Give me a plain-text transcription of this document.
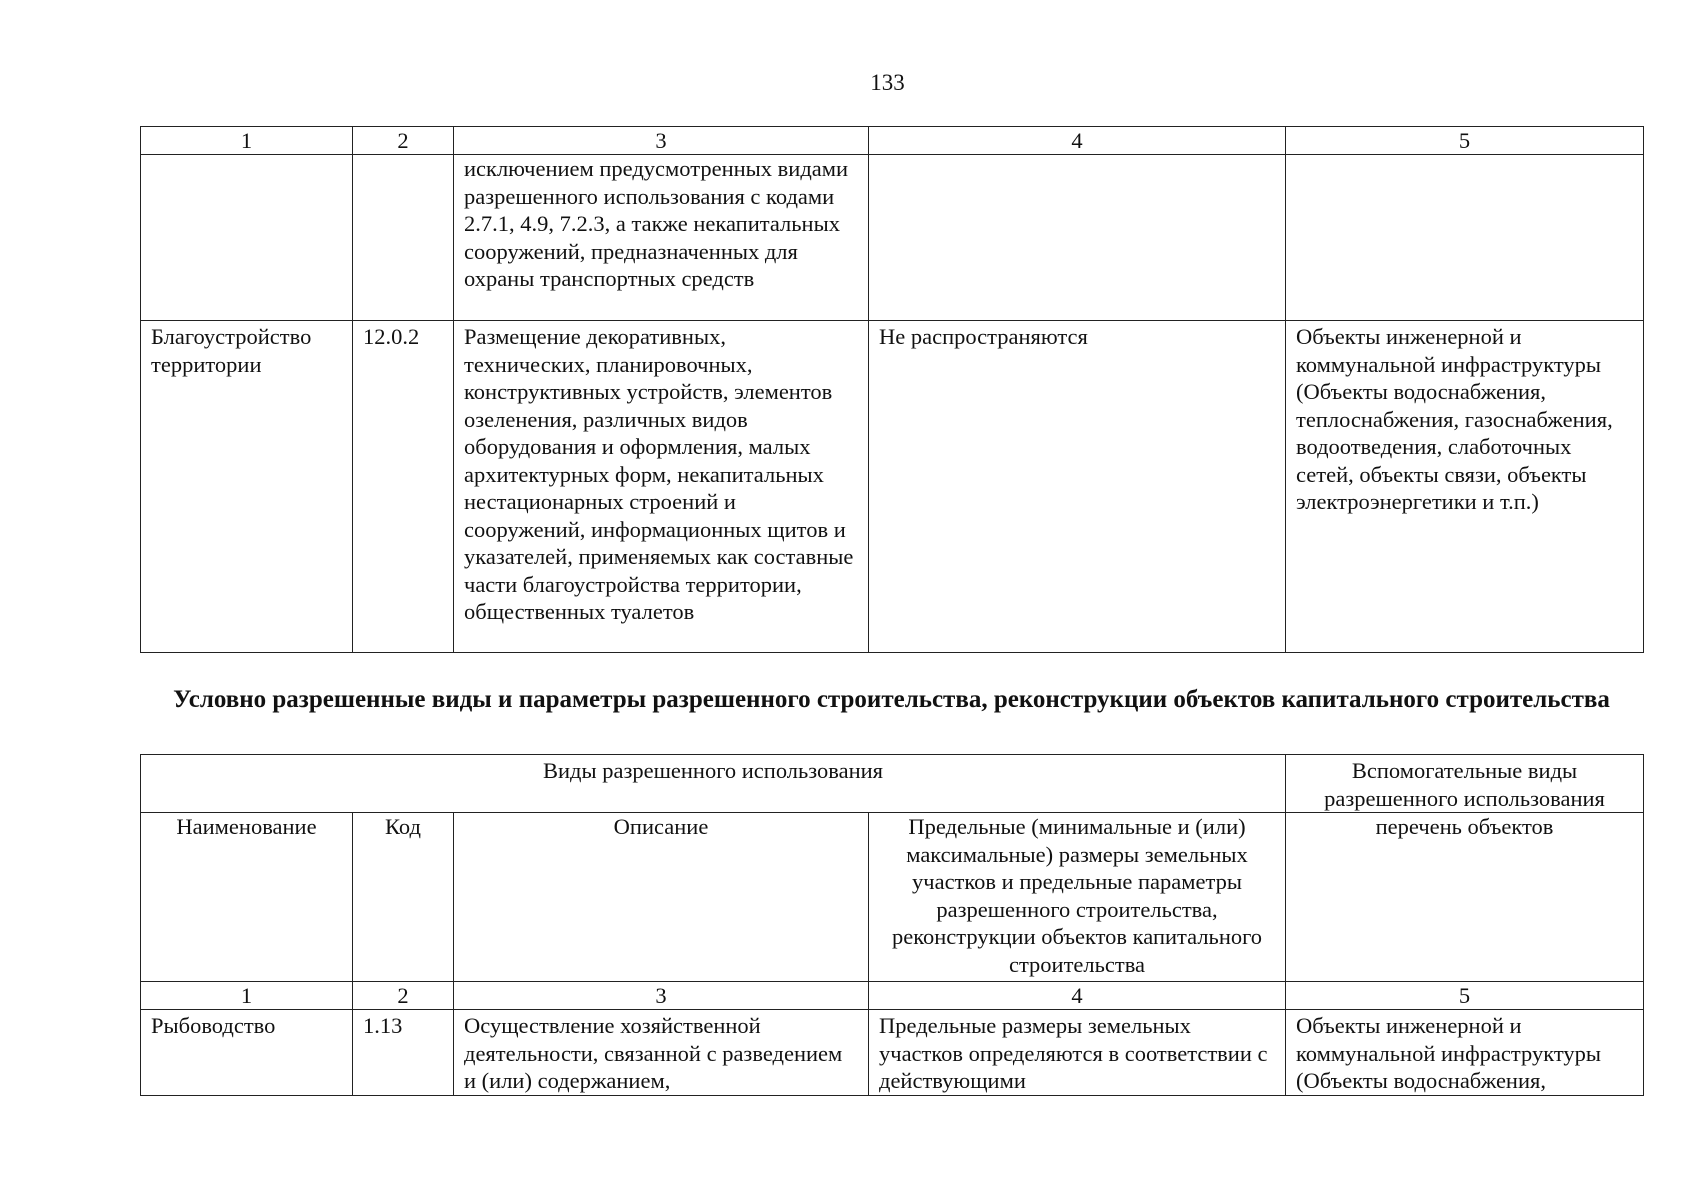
133
1	2	3	4	5
		исключением предусмотренных видами разрешенного использования с кодами 2.7.1, 4.9, 7.2.3, а также некапитальных сооружений, предназначенных для охраны транспортных средств		
Благоустройство территории	12.0.2	Размещение декоративных, технических, планировочных, конструктивных устройств, элементов озеленения, различных видов оборудования и оформления, малых архитектурных форм, некапитальных нестационарных строений и сооружений, информационных щитов и указателей, применяемых как составные части благоустройства территории, общественных туалетов	Не распространяются	Объекты инженерной и коммунальной инфраструктуры (Объекты водоснабжения, теплоснабжения, газоснабжения, водоотведения, слаботочных сетей, объекты связи, объекты электроэнергетики и т.п.)
Условно разрешенные виды и параметры разрешенного строительства, реконструкции объектов капитального строительства
Виды разрешенного использования				Вспомогательные виды разрешенного использования
Наименование	Код	Описание	Предельные (минимальные и (или) максимальные) размеры земельных участков и предельные параметры разрешенного строительства, реконструкции объектов капитального строительства	перечень объектов
1	2	3	4	5
Рыбоводство	1.13	Осуществление хозяйственной деятельности, связанной с разведением и (или) содержанием,	Предельные размеры земельных участков определяются в соответствии с действующими	Объекты инженерной и коммунальной инфраструктуры (Объекты водоснабжения,
